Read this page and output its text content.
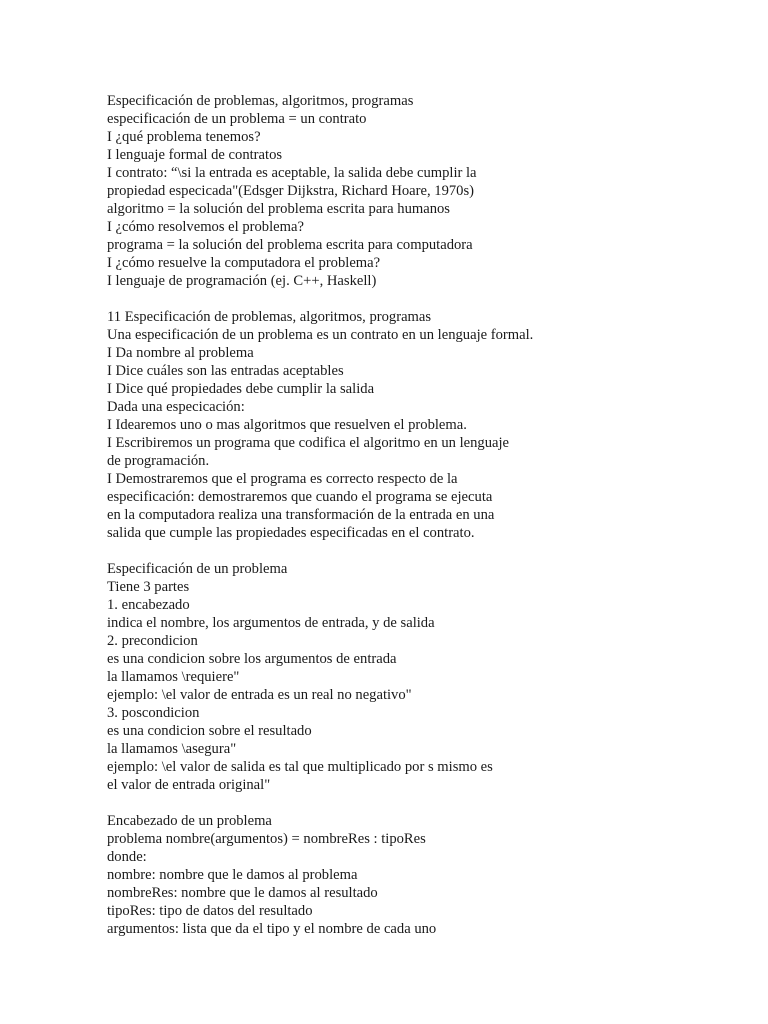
Especificación de problemas, algoritmos, programas
especificación de un problema = un contrato
I ¿qué problema tenemos?
I lenguaje formal de contratos
I contrato: “\si la entrada es aceptable, la salida debe cumplir la
propiedad especicada"(Edsger Dijkstra, Richard Hoare, 1970s)
algoritmo = la solución del problema escrita para humanos
I ¿cómo resolvemos el problema?
programa = la solución del problema escrita para computadora
I ¿cómo resuelve la computadora el problema?
I lenguaje de programación (ej. C++, Haskell)
11 Especificación de problemas, algoritmos, programas
Una especificación de un problema es un contrato en un lenguaje formal.
I Da nombre al problema
I Dice cuáles son las entradas aceptables
I Dice qué propiedades debe cumplir la salida
Dada una especicación:
I Idearemos uno o mas algoritmos que resuelven el problema.
I Escribiremos un programa que codifica el algoritmo en un lenguaje
de programación.
I Demostraremos que el programa es correcto respecto de la
especificación: demostraremos que cuando el programa se ejecuta
en la computadora realiza una transformación de la entrada en una
salida que cumple las propiedades especificadas en el contrato.
Especificación de un problema
Tiene 3 partes
1. encabezado
indica el nombre, los argumentos de entrada, y de salida
2. precondicion
es una condicion sobre los argumentos de entrada
la llamamos \requiere"
ejemplo: \el valor de entrada es un real no negativo"
3. poscondicion
es una condicion sobre el resultado
la llamamos \asegura"
ejemplo: \el valor de salida es tal que multiplicado por s mismo es
el valor de entrada original"
Encabezado de un problema
problema nombre(argumentos) = nombreRes : tipoRes
donde:
nombre: nombre que le damos al problema
nombreRes: nombre que le damos al resultado
tipoRes: tipo de datos del resultado
argumentos: lista que da el tipo y el nombre de cada uno
